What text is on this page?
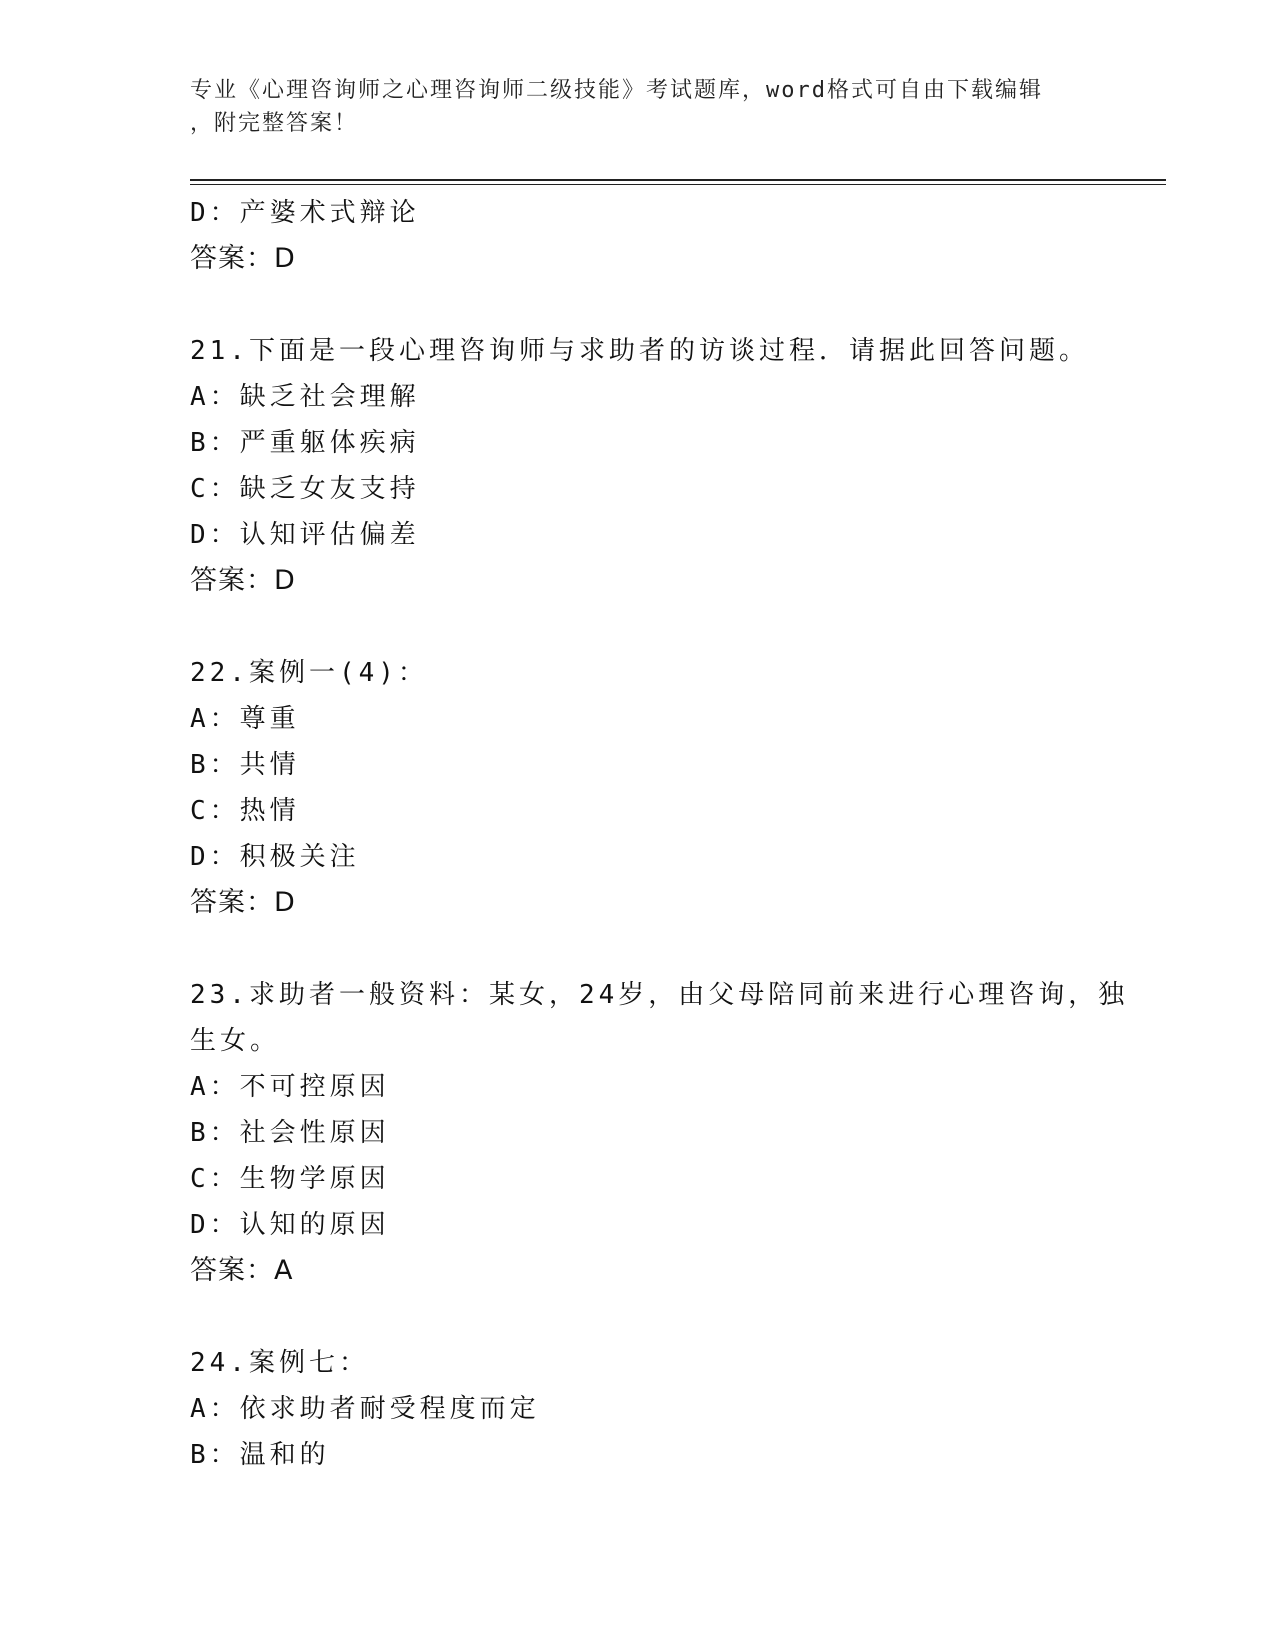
专业《心理咨询师之心理咨询师二级技能》考试题库，word格式可自由下载编辑

，附完整答案！

D：产婆术式辩论

答案：D

21.下面是一段心理咨询师与求助者的访谈过程．请据此回答问题。

A：缺乏社会理解

B：严重躯体疾病

C：缺乏女友支持

D：认知评估偏差

答案：D

22.案例一(4)：

A：尊重

B：共情

C：热情

D：积极关注

答案：D

23.求助者一般资料：某女，24岁，由父母陪同前来进行心理咨询，独

生女。

A：不可控原因

B：社会性原因

C：生物学原因

D：认知的原因

答案：A

24.案例七：

A：依求助者耐受程度而定

B：温和的
